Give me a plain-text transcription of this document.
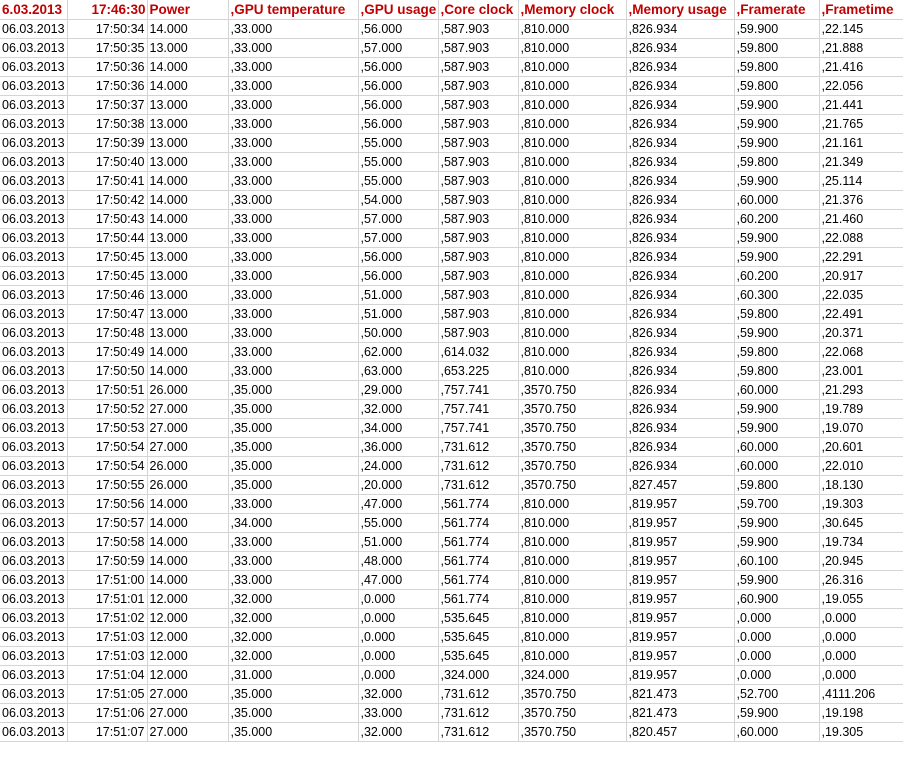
6.03.2013	17:46:30	Power	,GPU temperature	,GPU usage	,Core clock	,Memory clock	,Memory usage	,Framerate	,Frametime
06.03.2013	17:50:34	14.000	,33.000	,56.000	,587.903	,810.000	,826.934	,59.900	,22.145
06.03.2013	17:50:35	13.000	,33.000	,57.000	,587.903	,810.000	,826.934	,59.800	,21.888
06.03.2013	17:50:36	14.000	,33.000	,56.000	,587.903	,810.000	,826.934	,59.800	,21.416
06.03.2013	17:50:36	14.000	,33.000	,56.000	,587.903	,810.000	,826.934	,59.800	,22.056
06.03.2013	17:50:37	13.000	,33.000	,56.000	,587.903	,810.000	,826.934	,59.900	,21.441
06.03.2013	17:50:38	13.000	,33.000	,56.000	,587.903	,810.000	,826.934	,59.900	,21.765
06.03.2013	17:50:39	13.000	,33.000	,55.000	,587.903	,810.000	,826.934	,59.900	,21.161
06.03.2013	17:50:40	13.000	,33.000	,55.000	,587.903	,810.000	,826.934	,59.800	,21.349
06.03.2013	17:50:41	14.000	,33.000	,55.000	,587.903	,810.000	,826.934	,59.900	,25.114
06.03.2013	17:50:42	14.000	,33.000	,54.000	,587.903	,810.000	,826.934	,60.000	,21.376
06.03.2013	17:50:43	14.000	,33.000	,57.000	,587.903	,810.000	,826.934	,60.200	,21.460
06.03.2013	17:50:44	13.000	,33.000	,57.000	,587.903	,810.000	,826.934	,59.900	,22.088
06.03.2013	17:50:45	13.000	,33.000	,56.000	,587.903	,810.000	,826.934	,59.900	,22.291
06.03.2013	17:50:45	13.000	,33.000	,56.000	,587.903	,810.000	,826.934	,60.200	,20.917
06.03.2013	17:50:46	13.000	,33.000	,51.000	,587.903	,810.000	,826.934	,60.300	,22.035
06.03.2013	17:50:47	13.000	,33.000	,51.000	,587.903	,810.000	,826.934	,59.800	,22.491
06.03.2013	17:50:48	13.000	,33.000	,50.000	,587.903	,810.000	,826.934	,59.900	,20.371
06.03.2013	17:50:49	14.000	,33.000	,62.000	,614.032	,810.000	,826.934	,59.800	,22.068
06.03.2013	17:50:50	14.000	,33.000	,63.000	,653.225	,810.000	,826.934	,59.800	,23.001
06.03.2013	17:50:51	26.000	,35.000	,29.000	,757.741	,3570.750	,826.934	,60.000	,21.293
06.03.2013	17:50:52	27.000	,35.000	,32.000	,757.741	,3570.750	,826.934	,59.900	,19.789
06.03.2013	17:50:53	27.000	,35.000	,34.000	,757.741	,3570.750	,826.934	,59.900	,19.070
06.03.2013	17:50:54	27.000	,35.000	,36.000	,731.612	,3570.750	,826.934	,60.000	,20.601
06.03.2013	17:50:54	26.000	,35.000	,24.000	,731.612	,3570.750	,826.934	,60.000	,22.010
06.03.2013	17:50:55	26.000	,35.000	,20.000	,731.612	,3570.750	,827.457	,59.800	,18.130
06.03.2013	17:50:56	14.000	,33.000	,47.000	,561.774	,810.000	,819.957	,59.700	,19.303
06.03.2013	17:50:57	14.000	,34.000	,55.000	,561.774	,810.000	,819.957	,59.900	,30.645
06.03.2013	17:50:58	14.000	,33.000	,51.000	,561.774	,810.000	,819.957	,59.900	,19.734
06.03.2013	17:50:59	14.000	,33.000	,48.000	,561.774	,810.000	,819.957	,60.100	,20.945
06.03.2013	17:51:00	14.000	,33.000	,47.000	,561.774	,810.000	,819.957	,59.900	,26.316
06.03.2013	17:51:01	12.000	,32.000	,0.000	,561.774	,810.000	,819.957	,60.900	,19.055
06.03.2013	17:51:02	12.000	,32.000	,0.000	,535.645	,810.000	,819.957	,0.000	,0.000
06.03.2013	17:51:03	12.000	,32.000	,0.000	,535.645	,810.000	,819.957	,0.000	,0.000
06.03.2013	17:51:03	12.000	,32.000	,0.000	,535.645	,810.000	,819.957	,0.000	,0.000
06.03.2013	17:51:04	12.000	,31.000	,0.000	,324.000	,324.000	,819.957	,0.000	,0.000
06.03.2013	17:51:05	27.000	,35.000	,32.000	,731.612	,3570.750	,821.473	,52.700	,4111.206
06.03.2013	17:51:06	27.000	,35.000	,33.000	,731.612	,3570.750	,821.473	,59.900	,19.198
06.03.2013	17:51:07	27.000	,35.000	,32.000	,731.612	,3570.750	,820.457	,60.000	,19.305
